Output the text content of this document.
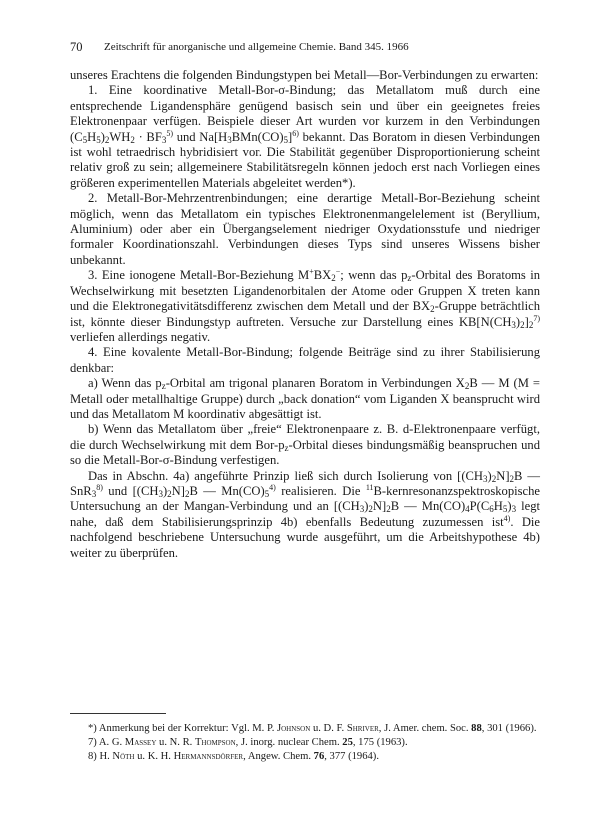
70 Zeitschrift für anorganische und allgemeine Chemie. Band 345. 1966

unseres Erachtens die folgenden Bindungstypen bei Metall—Bor-Verbindungen zu erwarten:

1. Eine koordinative Metall-Bor-σ-Bindung; das Metallatom muß durch eine entsprechende Ligandensphäre genügend basisch sein und über ein geeignetes freies Elektronenpaar verfügen. Beispiele dieser Art wurden vor kurzem in den Verbindungen $(C_5H_5)_2WH_2 \cdot BF_3^{5)}$ und $Na[H_3BMn(CO)_5]^{6)}$ bekannt. Das Boratom in diesen Verbindungen ist wohl tetraedrisch hybridisiert vor. Die Stabilität gegenüber Disproportionierung scheint relativ groß zu sein; allgemeinere Stabilitätsregeln können jedoch erst nach Vorliegen eines größeren experimentellen Materials abgeleitet werden*).

2. Metall-Bor-Mehrzentrenbindungen; eine derartige Metall-Bor-Beziehung scheint möglich, wenn das Metallatom ein typisches Elektronenmangelelement ist (Beryllium, Aluminium) oder aber ein Übergangselement niedriger Oxydationsstufe und niedriger formaler Koordinationszahl. Verbindungen dieses Typs sind unseres Wissens bisher unbekannt.

3. Eine ionogene Metall-Bor-Beziehung $M^+BX_2^-$; wenn das $p_z$-Orbital des Boratoms in Wechselwirkung mit besetzten Ligandenorbitalen der Atome oder Gruppen X treten kann und die Elektronegativitätsdifferenz zwischen dem Metall und der $BX_2$-Gruppe beträchtlich ist, könnte dieser Bindungstyp auftreten. Versuche zur Darstellung eines $KB[N(CH_3)_2]_2^{7)}$ verliefen allerdings negativ.

4. Eine kovalente Metall-Bor-Bindung; folgende Beiträge sind zu ihrer Stabilisierung denkbar:

a) Wenn das $p_z$-Orbital am trigonal planaren Boratom in Verbindungen $X_2B$ — M (M = Metall oder metallhaltige Gruppe) durch „back donation“ vom Liganden X beansprucht wird und das Metallatom M koordinativ abgesättigt ist.

b) Wenn das Metallatom über „freie“ Elektronenpaare z. B. d-Elektronenpaare verfügt, die durch Wechselwirkung mit dem Bor-$p_z$-Orbital dieses bindungsmäßig beanspruchen und so die Metall-Bor-σ-Bindung verfestigen.

Das in Abschn. 4a) angeführte Prinzip ließ sich durch Isolierung von $[(CH_3)_2N]_2B$ — SnR$_3^{8)}$ und $[(CH_3)_2N]_2B$ — $Mn(CO)_5^{4)}$ realisieren. Die $^{11}$B-kernresonanzspektroskopische Untersuchung an der Mangan-Verbindung und an $[(CH_3)_2N]_2B$ — $Mn(CO)_4P(C_6H_5)_3$ legt nahe, daß dem Stabilisierungsprinzip 4b) ebenfalls Bedeutung zuzumessen ist$^{4)}$. Die nachfolgend beschriebene Untersuchung wurde ausgeführt, um die Arbeitshypothese 4b) weiter zu überprüfen.

*) Anmerkung bei der Korrektur: Vgl. M. P. Johnson u. D. F. Shriver, J. Amer. chem. Soc. 88, 301 (1966).

7) A. G. Massey u. N. R. Thompson, J. inorg. nuclear Chem. 25, 175 (1963).

8) H. Nöth u. K. H. Hermannsdörfer, Angew. Chem. 76, 377 (1964).
